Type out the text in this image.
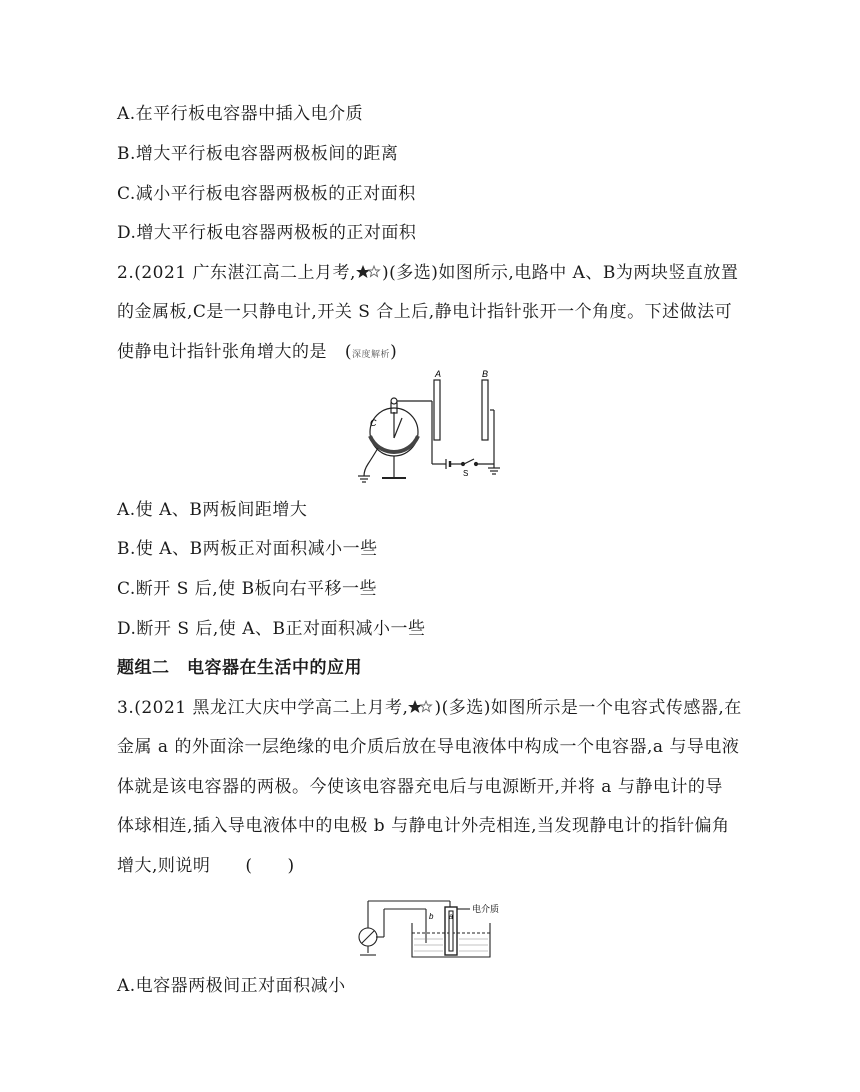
A.在平行板电容器中插入电介质
B.增大平行板电容器两极板间的距离
C.减小平行板电容器两极板的正对面积
D.增大平行板电容器两极板的正对面积
2.(2021 广东湛江高二上月考, )(多选)如图所示,电路中 A、B为两块竖直放置
的金属板,C是一只静电计,开关 S 合上后,静电计指针张开一个角度。下述做法可
使静电计指针张角增大的是 (深度解析)
A	B
C
S
A.使 A、B两板间距增大
B.使 A、B两板正对面积减小一些
C.断开 S 后,使 B板向右平移一些
D.断开 S 后,使 A、B正对面积减小一些
题组二　电容器在生活中的应用
3.(2021 黑龙江大庆中学高二上月考, )(多选)如图所示是一个电容式传感器,在
金属 a 的外面涂一层绝缘的电介质后放在导电液体中构成一个电容器,a 与导电液
体就是该电容器的两极。今使该电容器充电后与电源断开,并将 a 与静电计的导
体球相连,插入导电液体中的电极 b 与静电计外壳相连,当发现静电计的指针偏角
增大,则说明　　(　　)
a
b
电介质
A.电容器两极间正对面积减小
